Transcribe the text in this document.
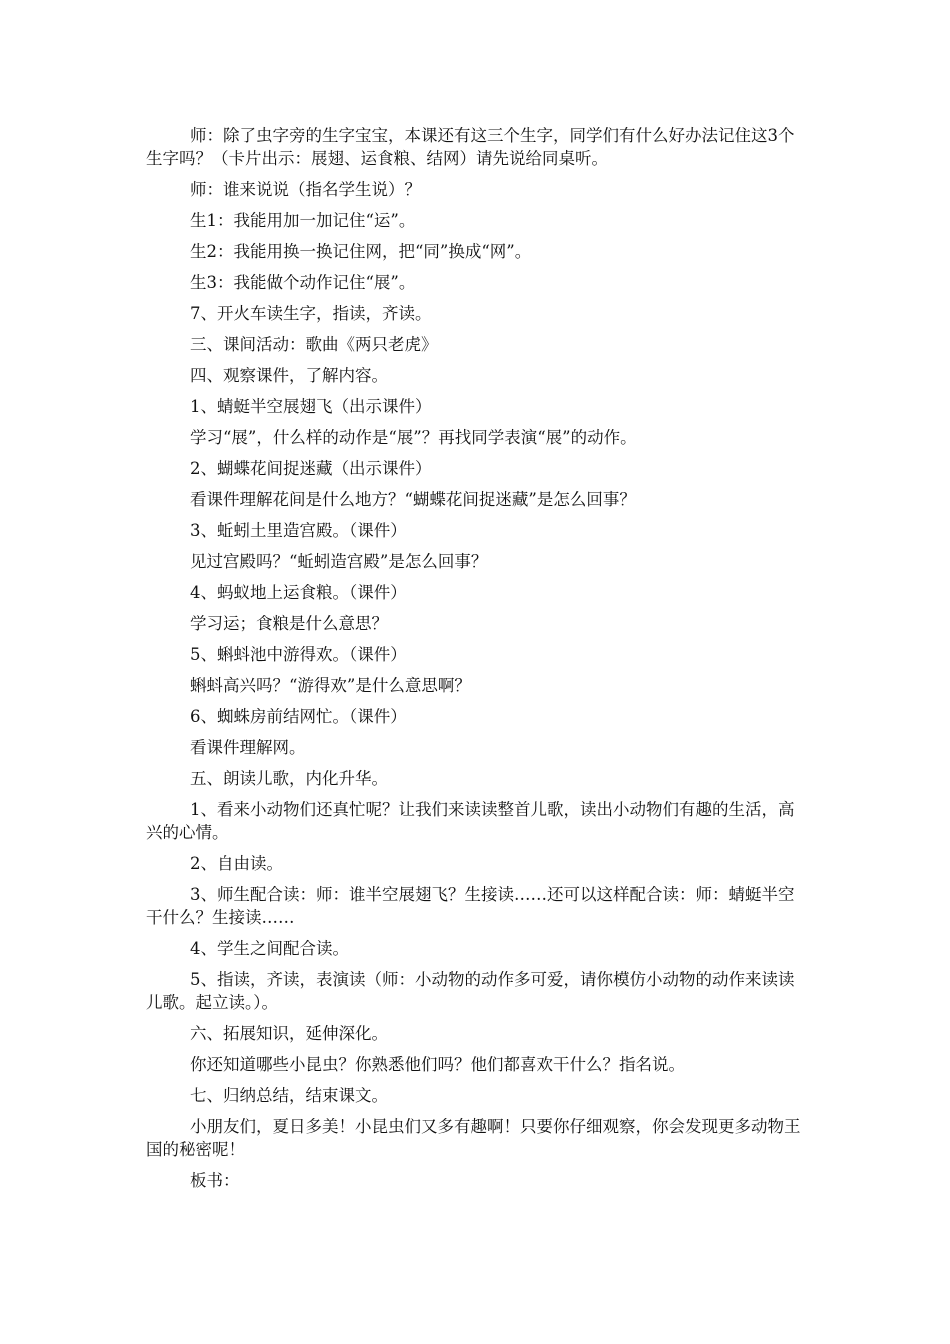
师：除了虫字旁的生字宝宝，本课还有这三个生字，同学们有什么好办法记住这3个生字吗？（卡片出示：展翅、运食粮、结网）请先说给同桌听。

师：谁来说说（指名学生说）？

生1：我能用加一加记住“运”。

生2：我能用换一换记住网，把“同”换成“网”。

生3：我能做个动作记住“展”。

7、开火车读生字，指读，齐读。

三、课间活动：歌曲《两只老虎》

四、观察课件，了解内容。

1、蜻蜓半空展翅飞（出示课件）

学习“展”，什么样的动作是“展”？再找同学表演“展”的动作。

2、蝴蝶花间捉迷藏（出示课件）

看课件理解花间是什么地方？“蝴蝶花间捉迷藏”是怎么回事？

3、蚯蚓土里造宫殿。（课件）

见过宫殿吗？“蚯蚓造宫殿”是怎么回事？

4、蚂蚁地上运食粮。（课件）

学习运；食粮是什么意思？

5、蝌蚪池中游得欢。（课件）

蝌蚪高兴吗？“游得欢”是什么意思啊？

6、蜘蛛房前结网忙。（课件）

看课件理解网。

五、朗读儿歌，内化升华。

1、看来小动物们还真忙呢？让我们来读读整首儿歌，读出小动物们有趣的生活，高兴的心情。

2、自由读。

3、师生配合读：师：谁半空展翅飞？生接读……还可以这样配合读：师：蜻蜓半空干什么？生接读……

4、学生之间配合读。

5、指读，齐读，表演读（师：小动物的动作多可爱，请你模仿小动物的动作来读读儿歌。起立读。）。

六、拓展知识，延伸深化。

你还知道哪些小昆虫？你熟悉他们吗？他们都喜欢干什么？指名说。

七、归纳总结，结束课文。

小朋友们，夏日多美！小昆虫们又多有趣啊！只要你仔细观察，你会发现更多动物王国的秘密呢！

板书：
